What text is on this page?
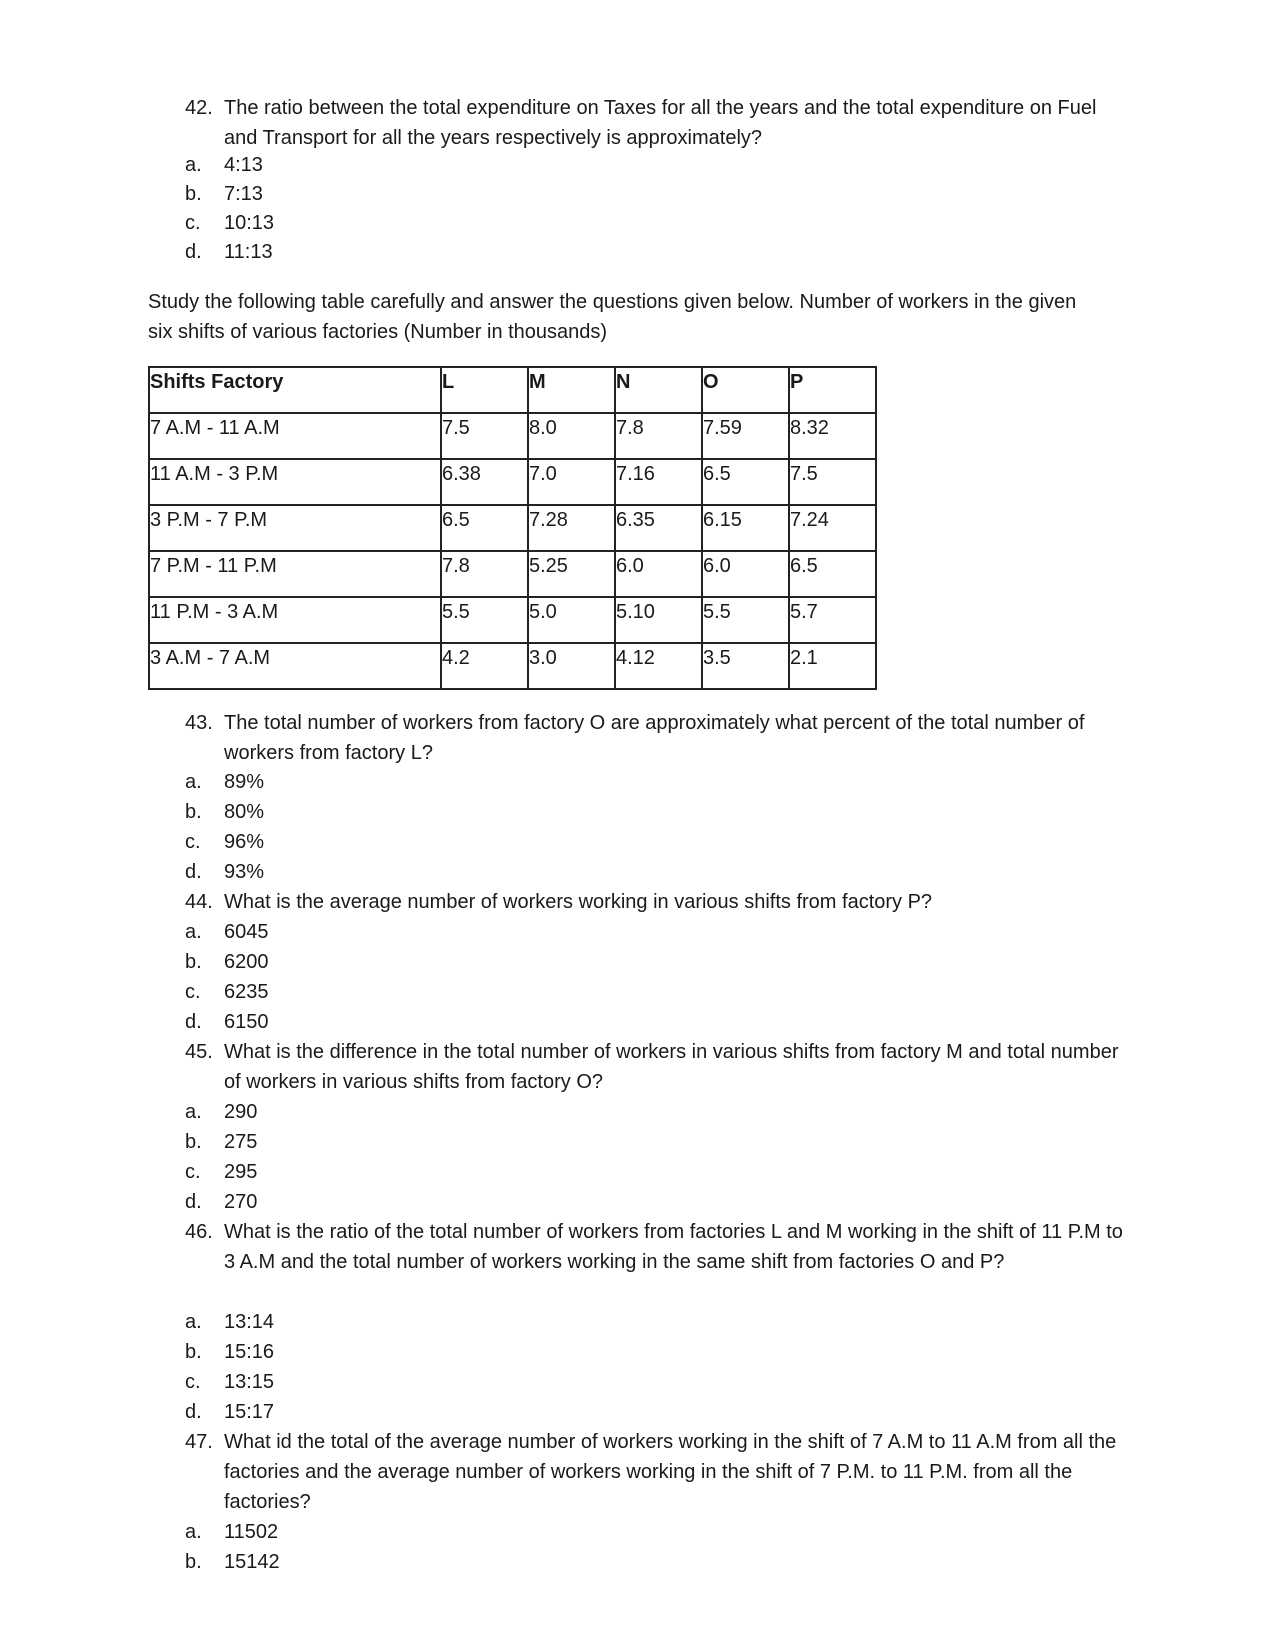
42. The ratio between the total expenditure on Taxes for all the years and the total expenditure on Fuel and Transport for all the years respectively is approximately?
a. 4:13
b. 7:13
c. 10:13
d. 11:13
Study the following table carefully and answer the questions given below. Number of workers in the given six shifts of various factories (Number in thousands)
Shifts Factory	L	M	N	O	P
7 A.M - 11 A.M	7.5	8.0	7.8	7.59	8.32
11 A.M - 3 P.M	6.38	7.0	7.16	6.5	7.5
3 P.M - 7 P.M	6.5	7.28	6.35	6.15	7.24
7 P.M - 11 P.M	7.8	5.25	6.0	6.0	6.5
11 P.M - 3 A.M	5.5	5.0	5.10	5.5	5.7
3 A.M - 7 A.M	4.2	3.0	4.12	3.5	2.1
43. The total number of workers from factory O are approximately what percent of the total number of workers from factory L?
a. 89%
b. 80%
c. 96%
d. 93%
44. What is the average number of workers working in various shifts from factory P?
a. 6045
b. 6200
c. 6235
d. 6150
45. What is the difference in the total number of workers in various shifts from factory M and total number of workers in various shifts from factory O?
a. 290
b. 275
c. 295
d. 270
46. What is the ratio of the total number of workers from factories L and M working in the shift of 11 P.M to 3 A.M and the total number of workers working in the same shift from factories O and P?
a. 13:14
b. 15:16
c. 13:15
d. 15:17
47. What id the total of the average number of workers working in the shift of 7 A.M to 11 A.M from all the factories and the average number of workers working in the shift of 7 P.M. to 11 P.M. from all the factories?
a. 11502
b. 15142
